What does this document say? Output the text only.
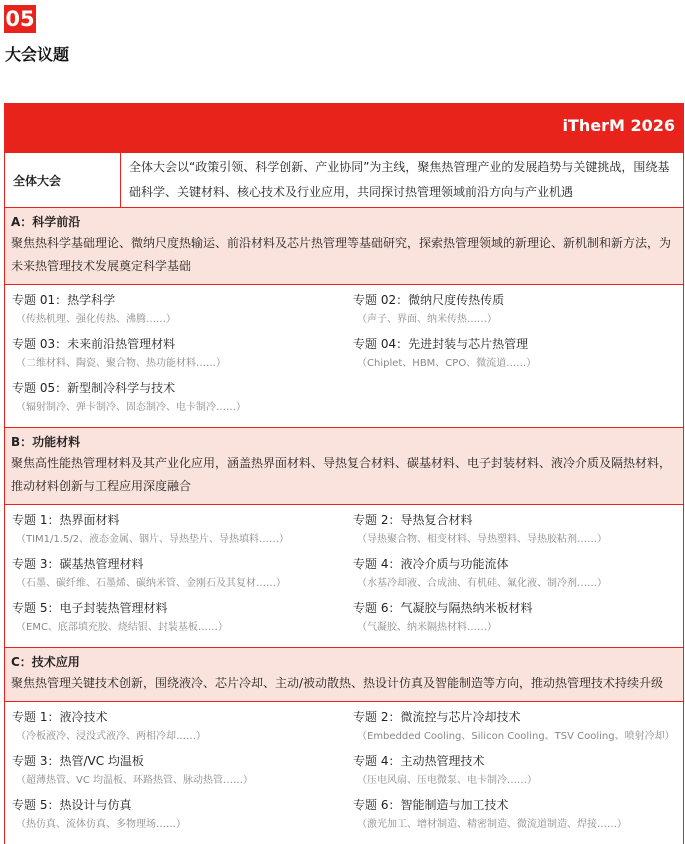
05
大会议题
iTherM 2026
全体大会
全体大会以“政策引领、科学创新、产业协同”为主线，聚焦热管理产业的发展趋势与关键挑战，围绕基础科学、关键材料、核心技术及行业应用，共同探讨热管理领域前沿方向与产业机遇
A：科学前沿
聚焦热科学基础理论、微纳尺度热输运、前沿材料及芯片热管理等基础研究，探索热管理领域的新理论、新机制和新方法，为未来热管理技术发展奠定科学基础
专题 01：热学科学
（传热机理、强化传热、沸腾……）
专题 02：微纳尺度传热传质
（声子、界面、纳米传热……）
专题 03：未来前沿热管理材料
（二维材料、陶瓷、聚合物、热功能材料……）
专题 04：先进封装与芯片热管理
（Chiplet、HBM、CPO、微流道……）
专题 05：新型制冷科学与技术
（辐射制冷、弹卡制冷、固态制冷、电卡制冷……）
B：功能材料
聚焦高性能热管理材料及其产业化应用，涵盖热界面材料、导热复合材料、碳基材料、电子封装材料、液冷介质及隔热材料，推动材料创新与工程应用深度融合
专题 1：热界面材料
（TIM1/1.5/2、液态金属、铟片、导热垫片、导热填料……）
专题 2：导热复合材料
（导热聚合物、相变材料、导热塑料、导热胶粘剂……）
专题 3：碳基热管理材料
（石墨、碳纤维、石墨烯、碳纳米管、金刚石及其复材……）
专题 4：液冷介质与功能流体
（水基冷却液、合成油、有机硅、氟化液、制冷剂……）
专题 5：电子封装热管理材料
（EMC、底部填充胶、烧结银、封装基板……）
专题 6：气凝胶与隔热纳米板材料
（气凝胶、纳米隔热材料……）
C：技术应用
聚焦热管理关键技术创新，围绕液冷、芯片冷却、主动/被动散热、热设计仿真及智能制造等方向，推动热管理技术持续升级
专题 1：液冷技术
（冷板液冷、浸没式液冷、两相冷却……）
专题 2：微流控与芯片冷却技术
（Embedded Cooling、Silicon Cooling、TSV Cooling、喷射冷却）
专题 3：热管/VC 均温板
（超薄热管、VC 均温板、环路热管、脉动热管……）
专题 4：主动热管理技术
（压电风扇、压电微泵、电卡制冷……）
专题 5：热设计与仿真
（热仿真、流体仿真、多物理场……）
专题 6：智能制造与加工技术
（激光加工、增材制造、精密制造、微流道制造、焊接……）
